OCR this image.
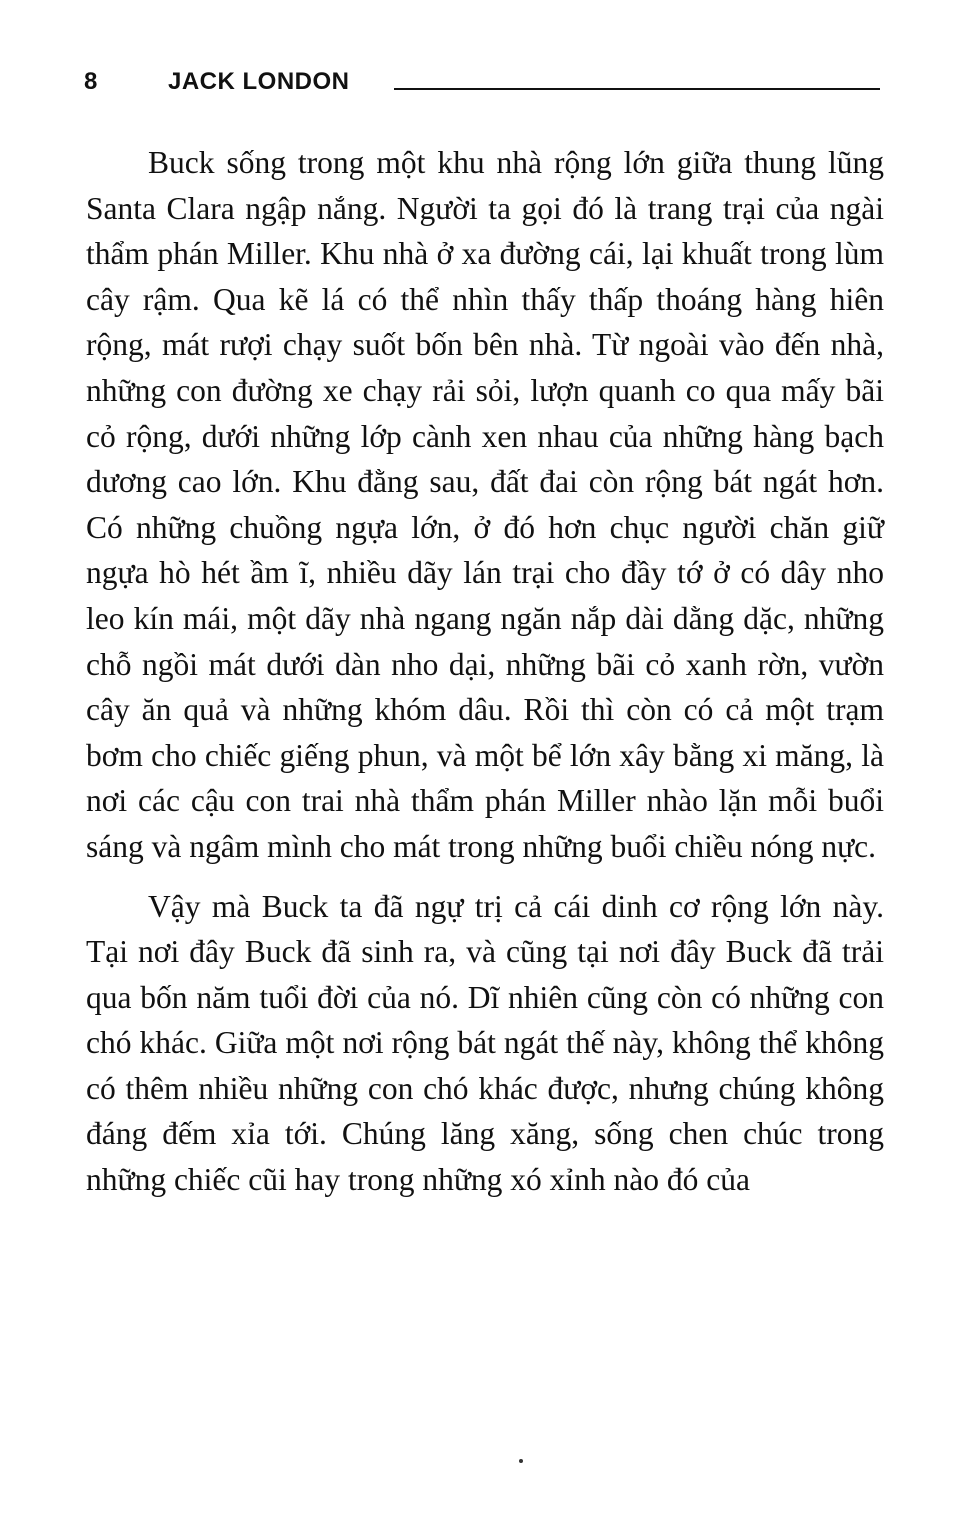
8	JACK LONDON

Buck sống trong một khu nhà rộng lớn giữa thung lũng Santa Clara ngập nắng. Người ta gọi đó là trang trại của ngài thẩm phán Miller. Khu nhà ở xa đường cái, lại khuất trong lùm cây rậm. Qua kẽ lá có thể nhìn thấy thấp thoáng hàng hiên rộng, mát rượi chạy suốt bốn bên nhà. Từ ngoài vào đến nhà, những con đường xe chạy rải sỏi, lượn quanh co qua mấy bãi cỏ rộng, dưới những lớp cành xen nhau của những hàng bạch dương cao lớn. Khu đằng sau, đất đai còn rộng bát ngát hơn. Có những chuồng ngựa lớn, ở đó hơn chục người chăn giữ ngựa hò hét ầm ĩ, nhiều dãy lán trại cho đầy tớ ở có dây nho leo kín mái, một dãy nhà ngang ngăn nắp dài dằng dặc, những chỗ ngồi mát dưới dàn nho dại, những bãi cỏ xanh rờn, vườn cây ăn quả và những khóm dâu. Rồi thì còn có cả một trạm bơm cho chiếc giếng phun, và một bể lớn xây bằng xi măng, là nơi các cậu con trai nhà thẩm phán Miller nhào lặn mỗi buổi sáng và ngâm mình cho mát trong những buổi chiều nóng nực.

Vậy mà Buck ta đã ngự trị cả cái dinh cơ rộng lớn này. Tại nơi đây Buck đã sinh ra, và cũng tại nơi đây Buck đã trải qua bốn năm tuổi đời của nó. Dĩ nhiên cũng còn có những con chó khác. Giữa một nơi rộng bát ngát thế này, không thể không có thêm nhiều những con chó khác được, nhưng chúng không đáng đếm xỉa tới. Chúng lăng xăng, sống chen chúc trong những chiếc cũi hay trong những xó xỉnh nào đó của
